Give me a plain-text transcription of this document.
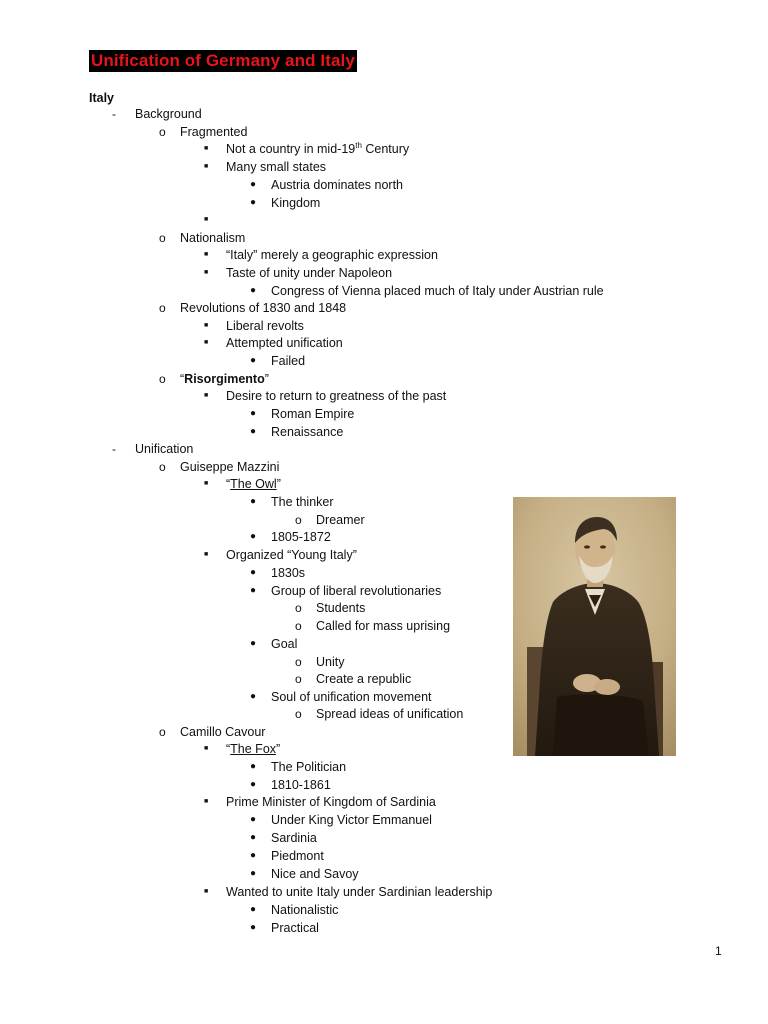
Unification of Germany and Italy
Italy
- Background
o Fragmented
■ Not a country in mid-19th Century
■ Many small states
● Austria dominates north
● Kingdom
■
o Nationalism
■ “Italy” merely a geographic expression
■ Taste of unity under Napoleon
● Congress of Vienna placed much of Italy under Austrian rule
o Revolutions of 1830 and 1848
■ Liberal revolts
■ Attempted unification
● Failed
o “Risorgimento”
■ Desire to return to greatness of the past
● Roman Empire
● Renaissance
- Unification
o Guiseppe Mazzini
■ “The Owl”
● The thinker
o Dreamer
● 1805-1872
■ Organized “Young Italy”
● 1830s
● Group of liberal revolutionaries
o Students
o Called for mass uprising
● Goal
o Unity
o Create a republic
● Soul of unification movement
o Spread ideas of unification
o Camillo Cavour
■ “The Fox”
● The Politician
● 1810-1861
■ Prime Minister of Kingdom of Sardinia
● Under King Victor Emmanuel
● Sardinia
● Piedmont
● Nice and Savoy
■ Wanted to unite Italy under Sardinian leadership
● Nationalistic
● Practical
1
